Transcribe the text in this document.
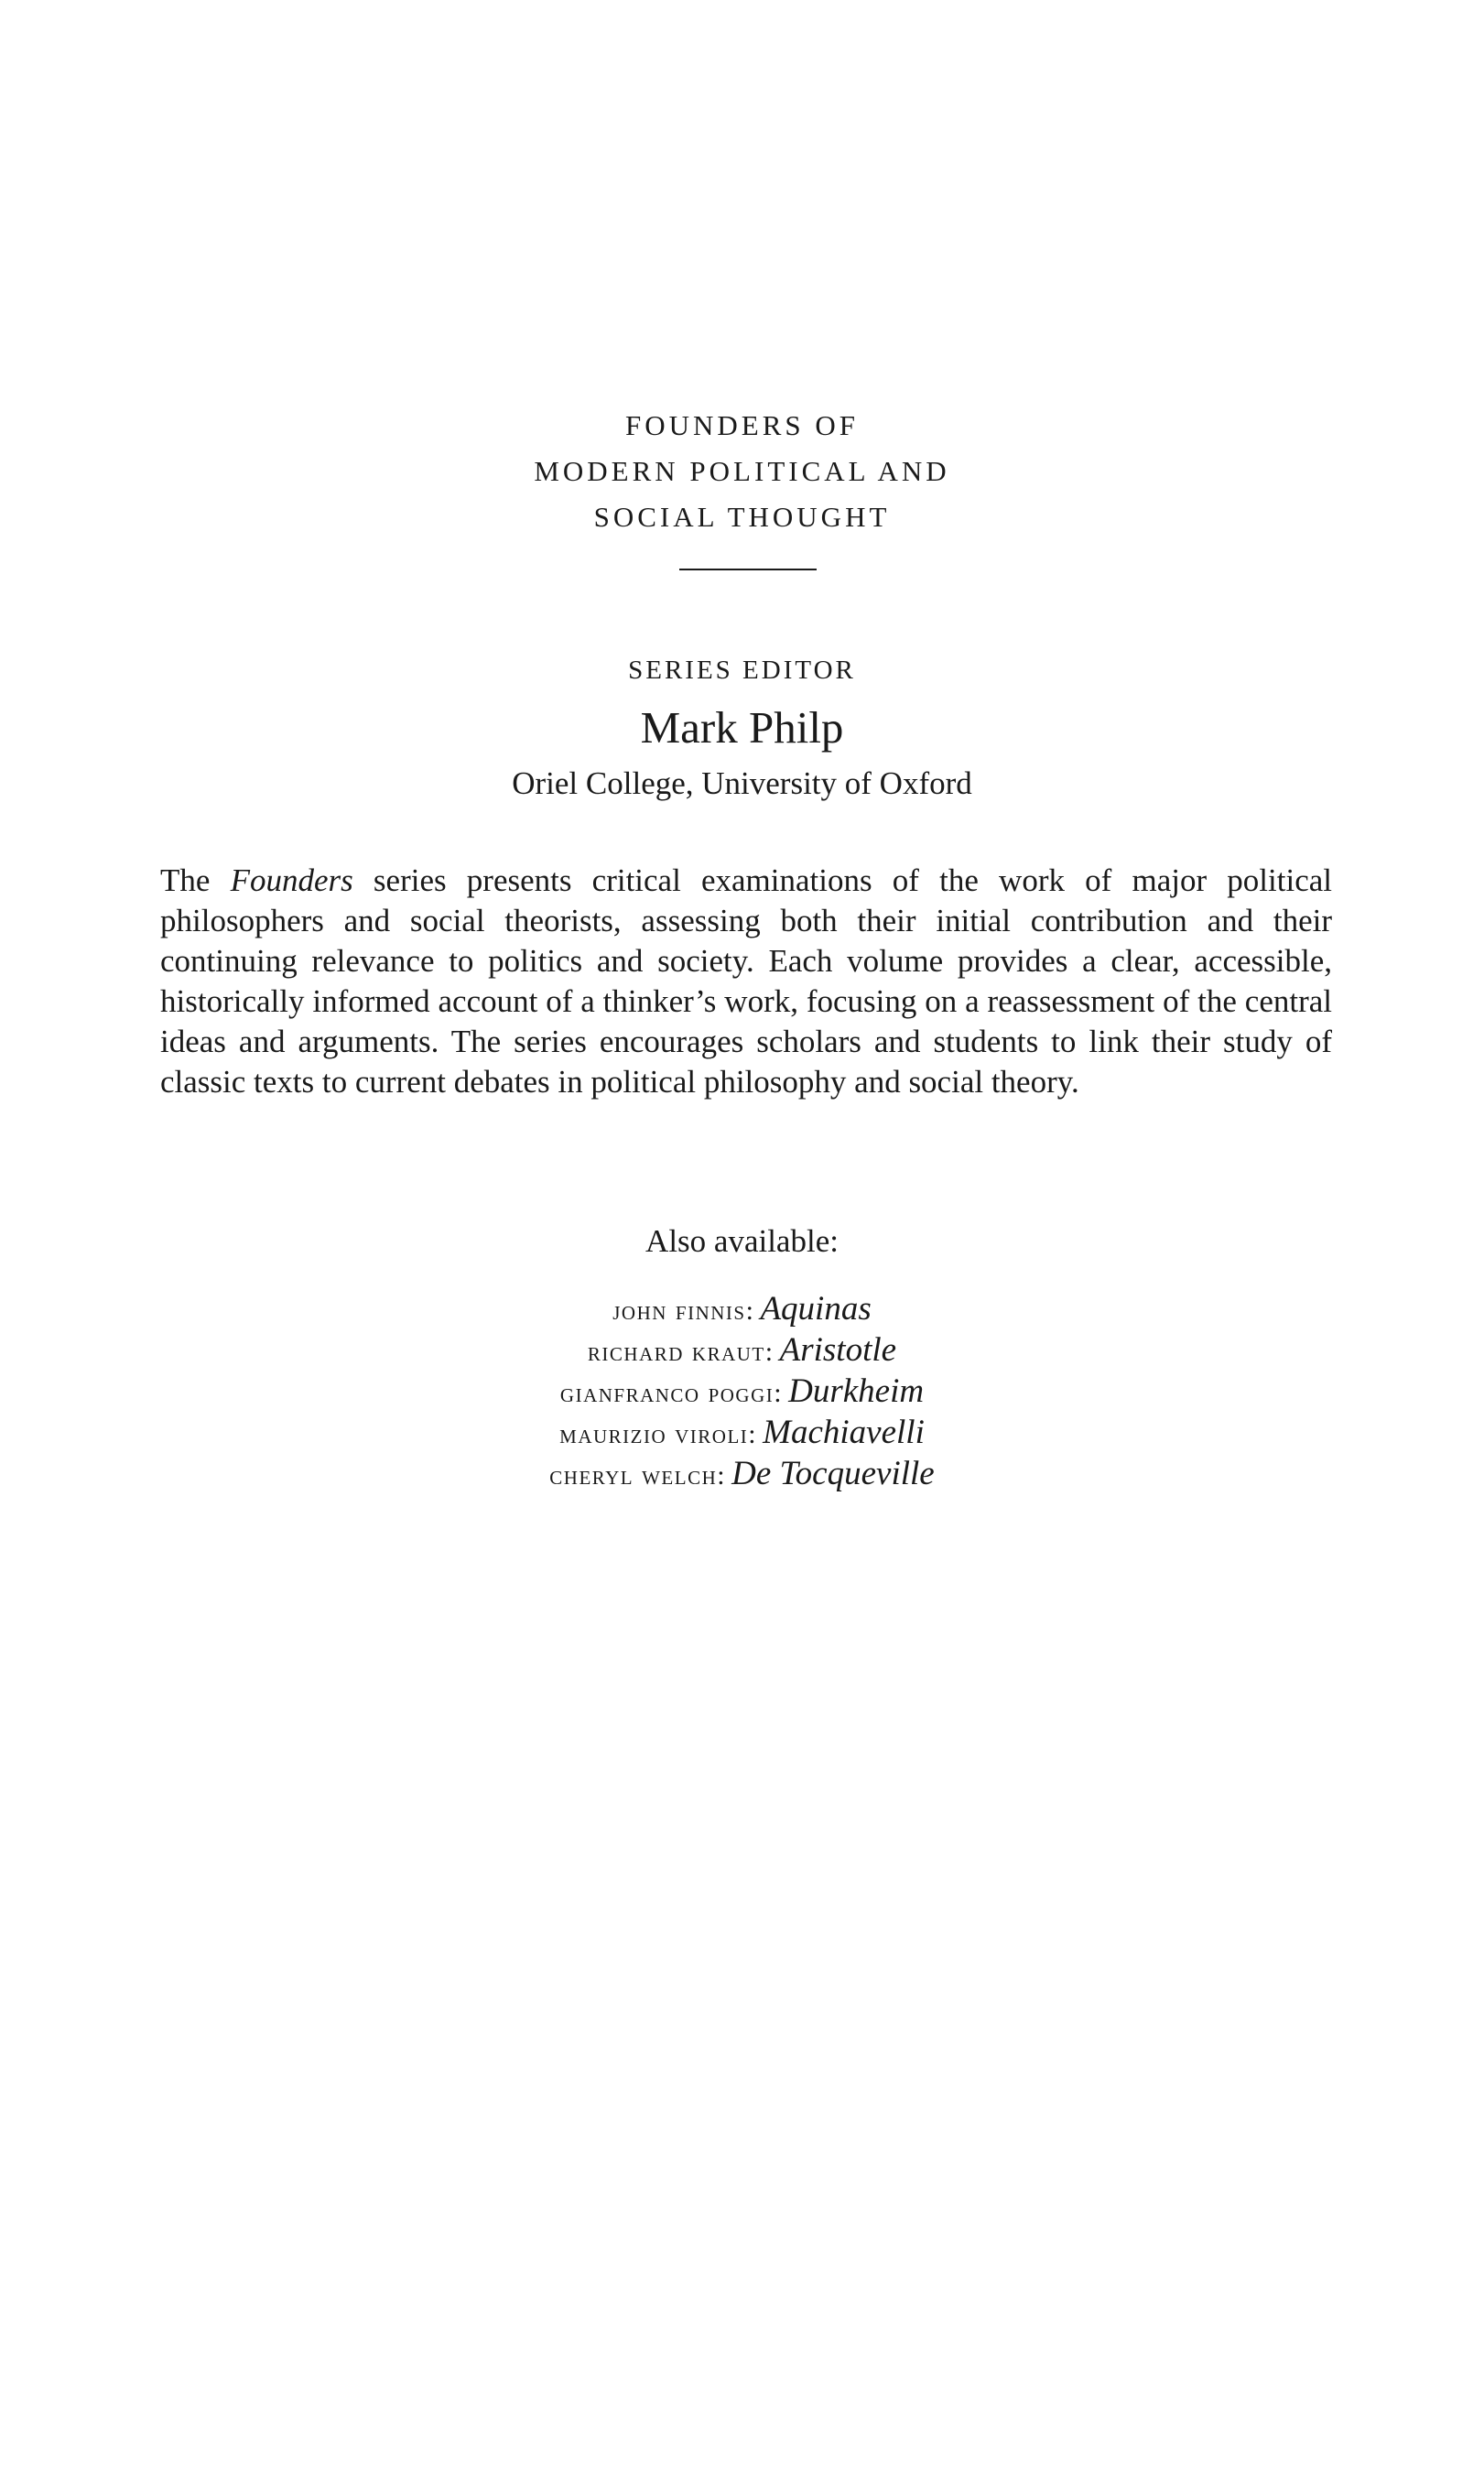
FOUNDERS OF
MODERN POLITICAL AND
SOCIAL THOUGHT
SERIES EDITOR
Mark Philp
Oriel College, University of Oxford
The Founders series presents critical examinations of the work of major political philosophers and social theorists, assessing both their initial contribution and their continuing relevance to politics and society. Each volume provides a clear, accessible, historically informed account of a thinker’s work, focusing on a reassessment of the central ideas and arguments. The series encourages scholars and students to link their study of classic texts to current debates in political philosophy and social theory.
Also available:
john finnis: Aquinas
richard kraut: Aristotle
gianfranco poggi: Durkheim
maurizio viroli: Machiavelli
cheryl welch: De Tocqueville
